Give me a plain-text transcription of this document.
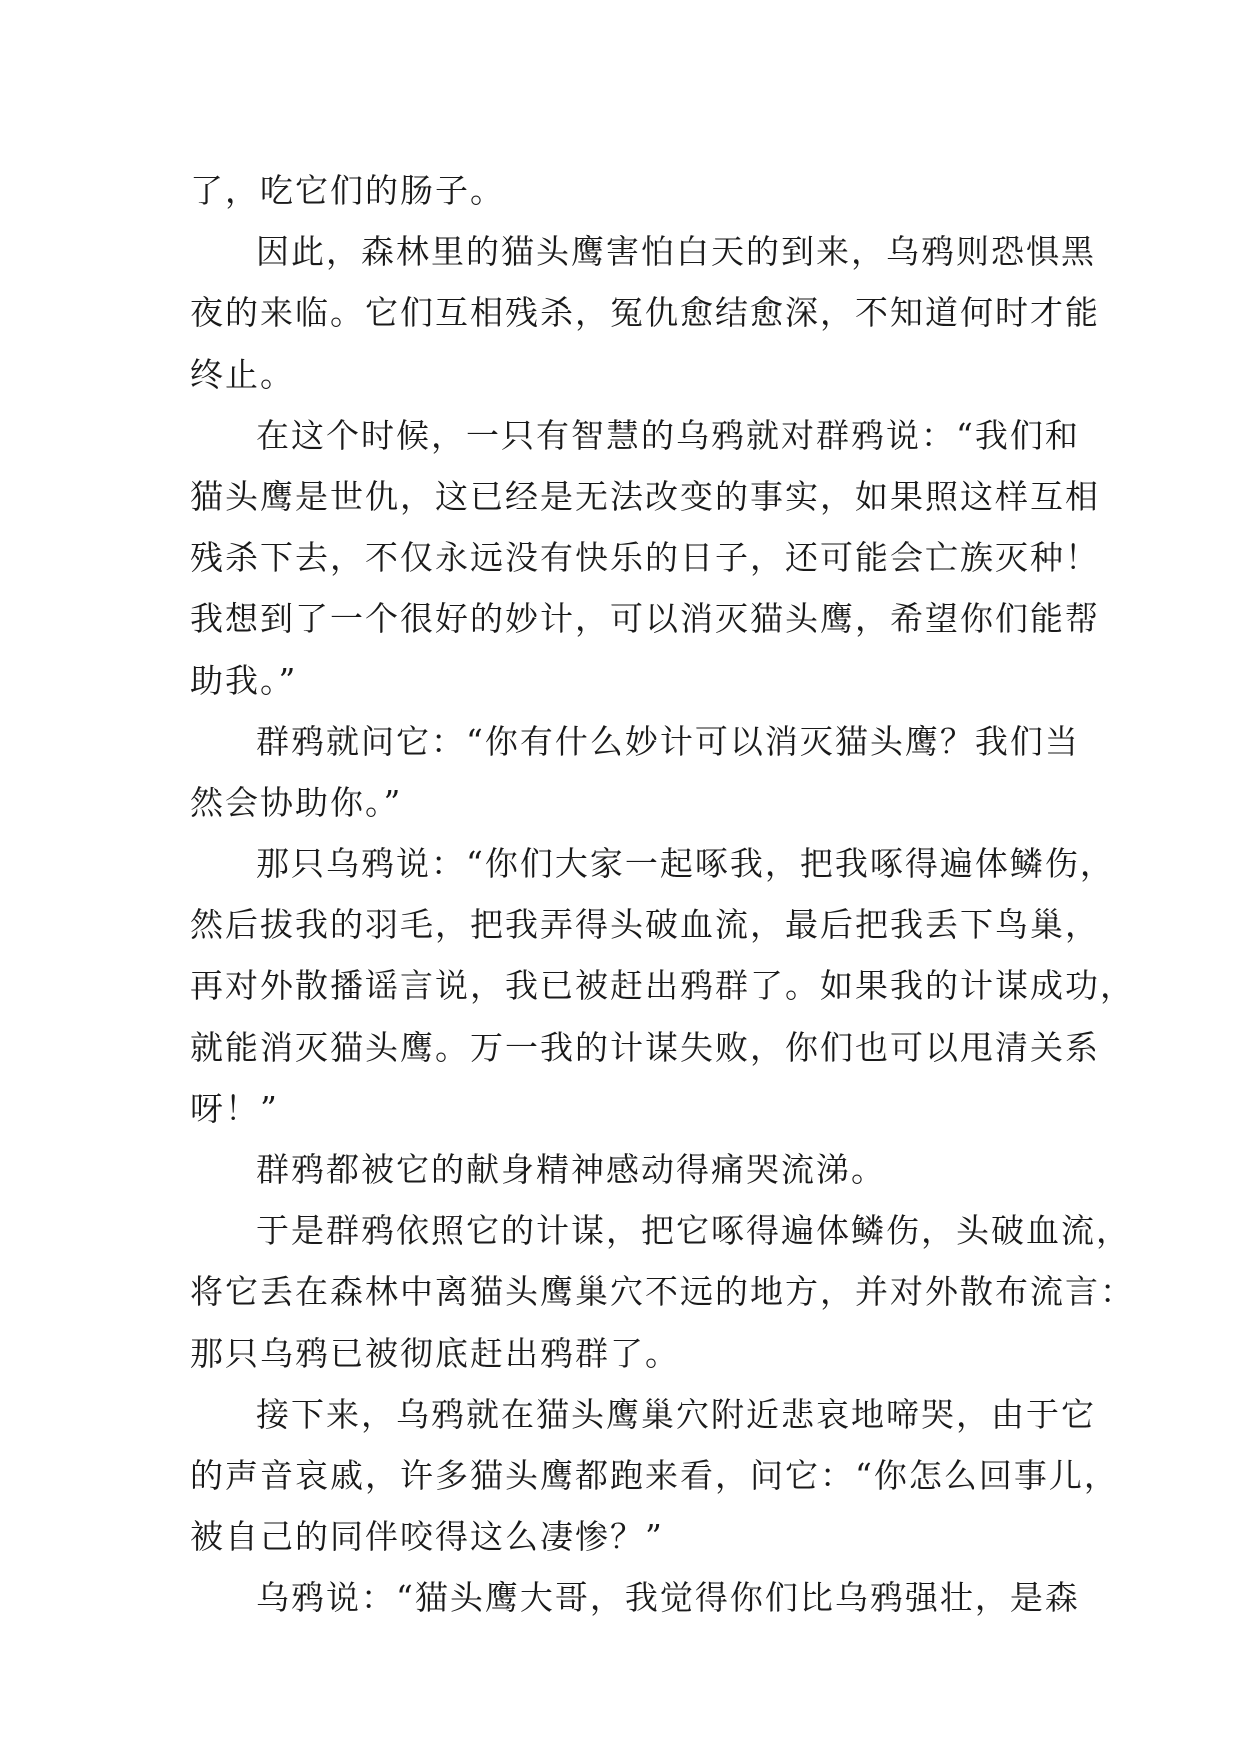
了，吃它们的肠子。
因此，森林里的猫头鹰害怕白天的到来，乌鸦则恐惧黑
夜的来临。它们互相残杀，冤仇愈结愈深，不知道何时才能
终止。
在这个时候，一只有智慧的乌鸦就对群鸦说：“我们和
猫头鹰是世仇，这已经是无法改变的事实，如果照这样互相
残杀下去，不仅永远没有快乐的日子，还可能会亡族灭种！
我想到了一个很好的妙计，可以消灭猫头鹰，希望你们能帮
助我。”
群鸦就问它：“你有什么妙计可以消灭猫头鹰？我们当
然会协助你。”
那只乌鸦说：“你们大家一起啄我，把我啄得遍体鳞伤，
然后拔我的羽毛，把我弄得头破血流，最后把我丢下鸟巢，
再对外散播谣言说，我已被赶出鸦群了。如果我的计谋成功，
就能消灭猫头鹰。万一我的计谋失败，你们也可以甩清关系
呀！”
群鸦都被它的献身精神感动得痛哭流涕。
于是群鸦依照它的计谋，把它啄得遍体鳞伤，头破血流，
将它丢在森林中离猫头鹰巢穴不远的地方，并对外散布流言：
那只乌鸦已被彻底赶出鸦群了。
接下来，乌鸦就在猫头鹰巢穴附近悲哀地啼哭，由于它
的声音哀戚，许多猫头鹰都跑来看，问它：“你怎么回事儿，
被自己的同伴咬得这么凄惨？”
乌鸦说：“猫头鹰大哥，我觉得你们比乌鸦强壮，是森
